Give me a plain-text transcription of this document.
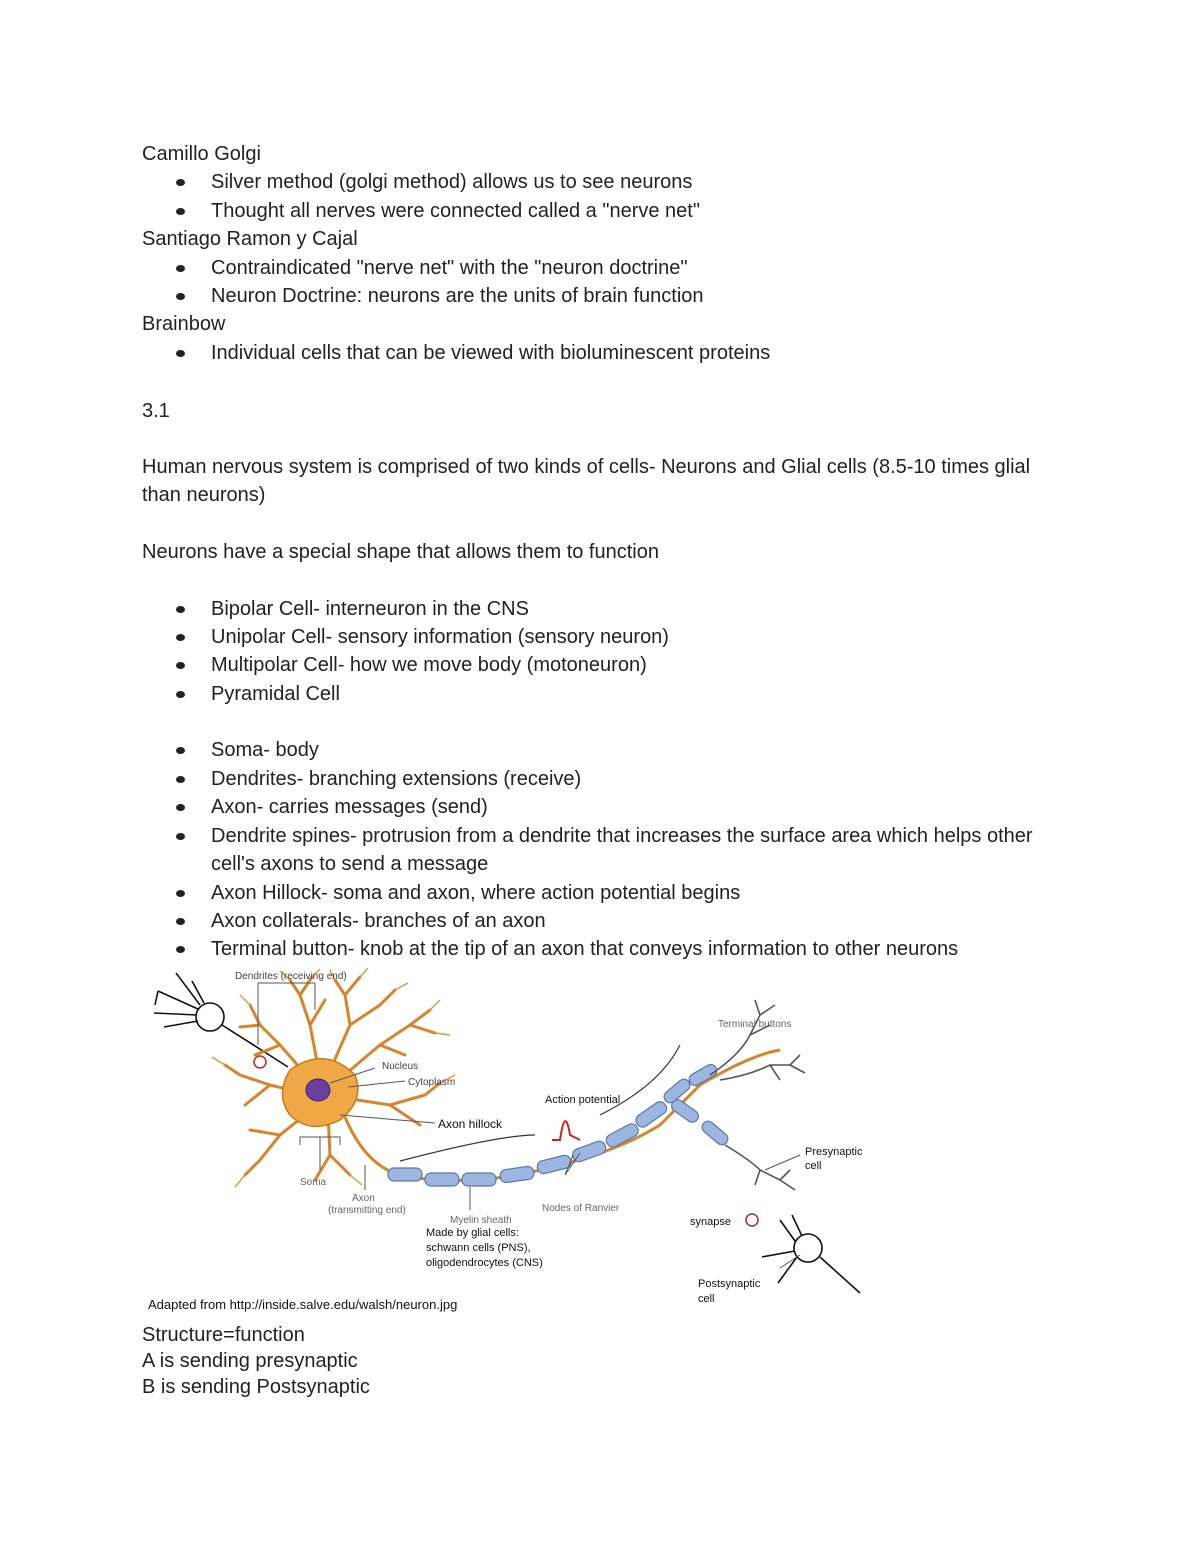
Camillo Golgi
Silver method (golgi method) allows us to see neurons
Thought all nerves were connected called a "nerve net"
Santiago Ramon y Cajal
Contraindicated "nerve net" with the "neuron doctrine"
Neuron Doctrine: neurons are the units of brain function
Brainbow
Individual cells that can be viewed with bioluminescent proteins
3.1
Human nervous system is comprised of two kinds of cells- Neurons and Glial cells (8.5-10 times glial than neurons)
Neurons have a special shape that allows them to function
Bipolar Cell- interneuron in the CNS
Unipolar Cell- sensory information (sensory neuron)
Multipolar Cell- how we move body (motoneuron)
Pyramidal Cell
Soma- body
Dendrites- branching extensions (receive)
Axon- carries messages (send)
Dendrite spines- protrusion from a dendrite that increases the surface area which helps other cell's axons to send a message
Axon Hillock- soma and axon, where action potential begins
Axon collaterals- branches of an axon
Terminal button- knob at the tip of an axon that conveys information to other neurons
Dendrites (receiving end)
Nucleus
Cytoplasm
Axon hillock
Soma
Axon
(transmitting end)
Myelin sheath
Made by glial cells:
schwann cells (PNS),
oligodendrocytes (CNS)
Action potential
Nodes of Ranvier
Terminal buttons
Presynaptic
cell
synapse
Postsynaptic
cell
Adapted from http://inside.salve.edu/walsh/neuron.jpg
Structure=function
A is sending presynaptic
B is sending Postsynaptic
